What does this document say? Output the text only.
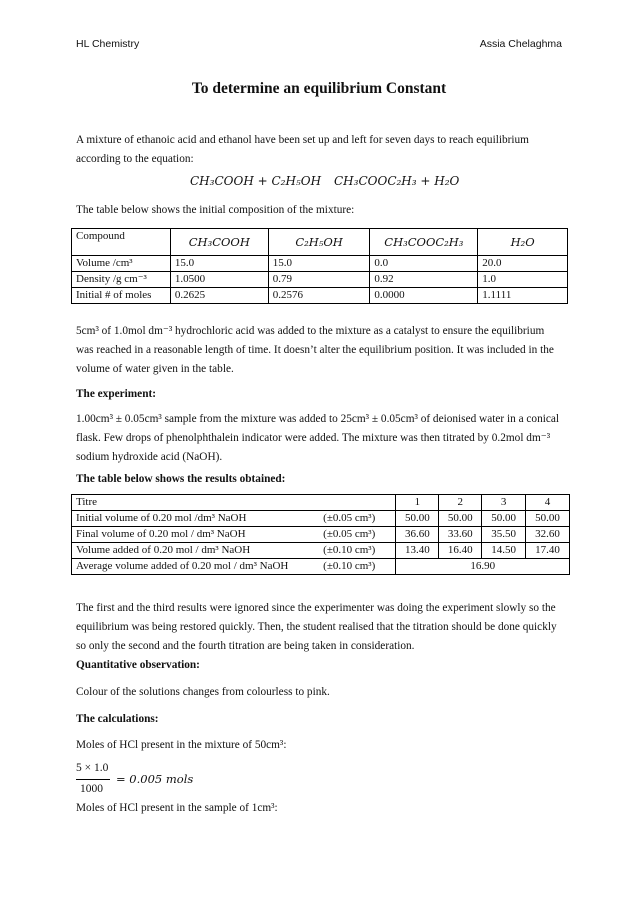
HL Chemistry	Assia Chelaghma
To determine an equilibrium Constant
A mixture of ethanoic acid and ethanol have been set up and left for seven days to reach equilibrium according to the equation:
CH₃COOH + C₂H₅OH CH₃COOC₂H₃ + H₂O
The table below shows the initial composition of the mixture:
Compound	CH₃COOH	C₂H₅OH	CH₃COOC₂H₃	H₂O
Volume /cm³	15.0	15.0	0.0	20.0
Density /g cm⁻³	1.0500	0.79	0.92	1.0
Initial # of moles	0.2625	0.2576	0.0000	1.1111
5cm³ of 1.0mol dm⁻³ hydrochloric acid was added to the mixture as a catalyst to ensure the equilibrium was reached in a reasonable length of time. It doesn’t alter the equilibrium position. It was included in the volume of water given in the table.
The experiment:
1.00cm³ ± 0.05cm³ sample from the mixture was added to 25cm³ ± 0.05cm³ of deionised water in a conical flask. Few drops of phenolphthalein indicator were added. The mixture was then titrated by 0.2mol dm⁻³ sodium hydroxide acid (NaOH).
The table below shows the results obtained:
Titre		1	2	3	4
Initial volume of 0.20 mol /dm³ NaOH	(±0.05 cm³)	50.00	50.00	50.00	50.00
Final volume of 0.20 mol / dm³ NaOH	(±0.05 cm³)	36.60	33.60	35.50	32.60
Volume added of 0.20 mol / dm³ NaOH	(±0.10 cm³)	13.40	16.40	14.50	17.40
Average volume added of 0.20 mol / dm³ NaOH	(±0.10 cm³)	16.90			
The first and the third results were ignored since the experimenter was doing the experiment slowly so the equilibrium was being restored quickly. Then, the student realised that the titration should be done quickly so only the second and the fourth titration are being taken in consideration.
Quantitative observation:
Colour of the solutions changes from colourless to pink.
The calculations:
Moles of HCl present in the mixture of 50cm³:
5 × 1.0
1000
= 0.005 mols
Moles of HCl present in the sample of 1cm³:
